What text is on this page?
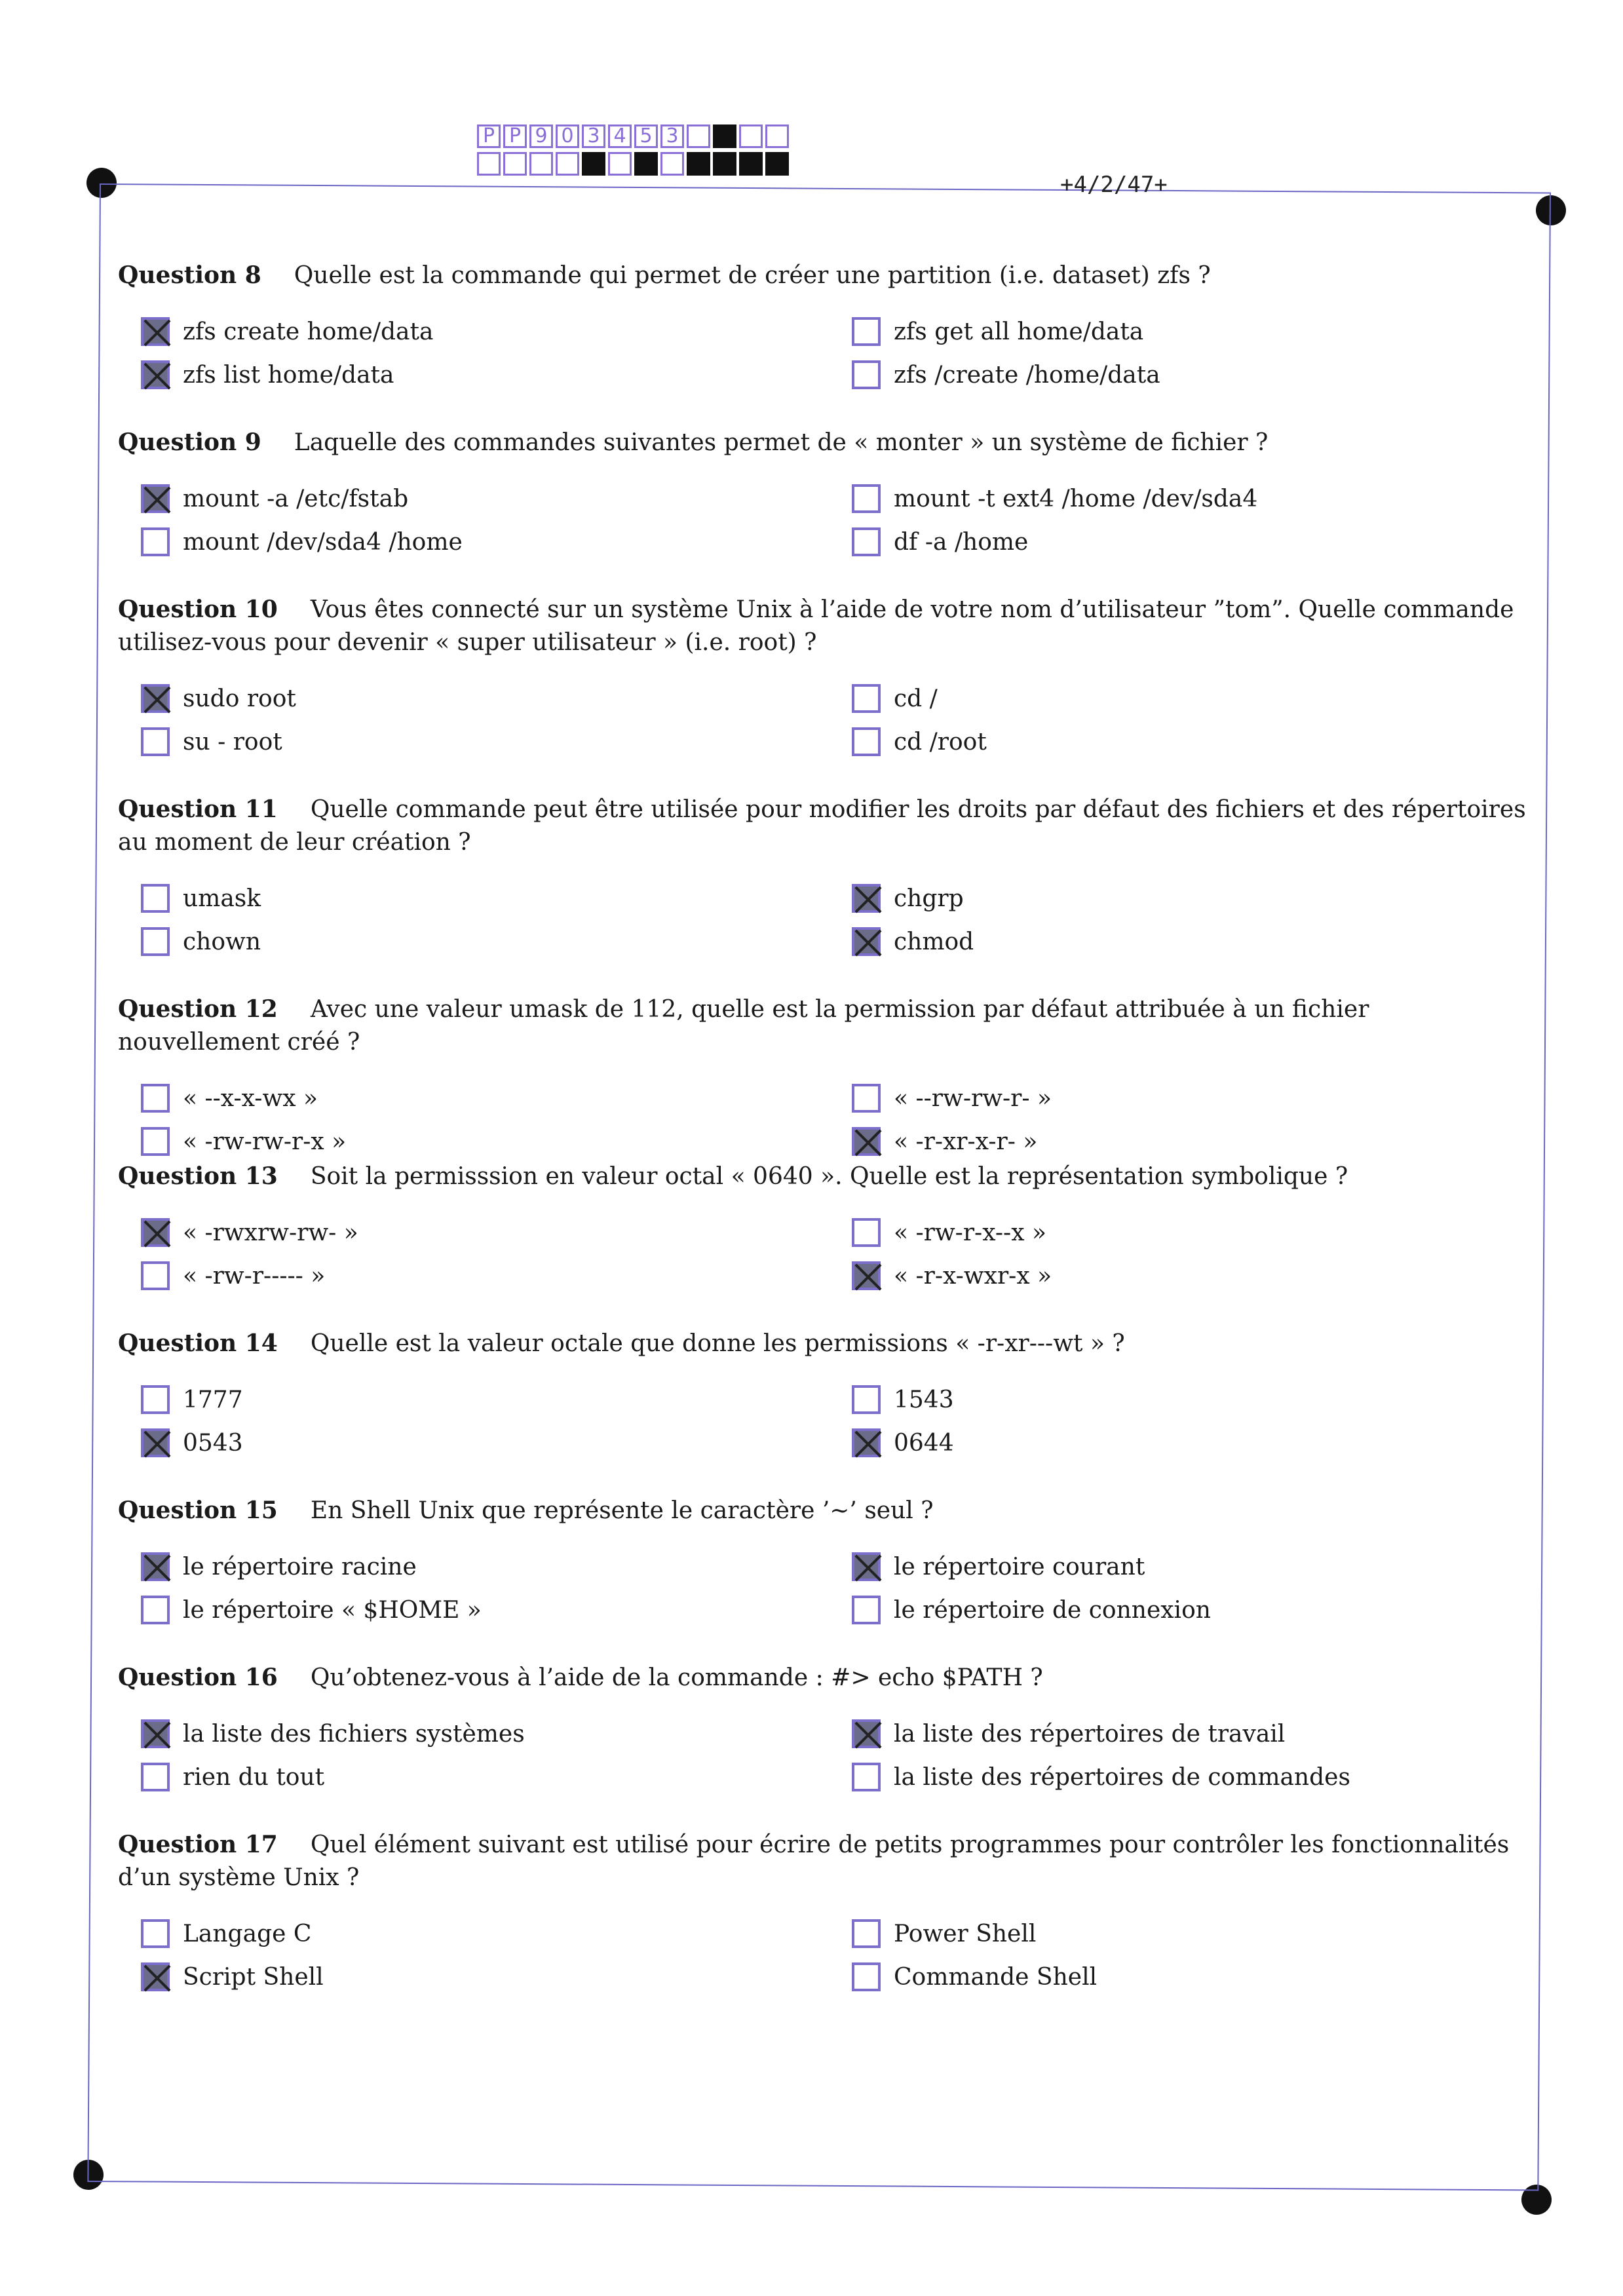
P P 9 0 3 4 5 3
+4/2/47+
Question 8 Quelle est la commande qui permet de créer une partition (i.e. dataset) zfs ?
zfs create home/data
zfs list home/data
zfs get all home/data
zfs /create /home/data
Question 9 Laquelle des commandes suivantes permet de « monter » un système de fichier ?
mount -a /etc/fstab
mount /dev/sda4 /home
mount -t ext4 /home /dev/sda4
df -a /home
Question 10 Vous êtes connecté sur un système Unix à l’aide de votre nom d’utilisateur ”tom”. Quelle commande utilisez-vous pour devenir « super utilisateur » (i.e. root) ?
sudo root
su - root
cd /
cd /root
Question 11 Quelle commande peut être utilisée pour modifier les droits par défaut des fichiers et des répertoires au moment de leur création ?
umask
chown
chgrp
chmod
Question 12 Avec une valeur umask de 112, quelle est la permission par défaut attribuée à un fichier nouvellement créé ?
« --x-x-wx »
« -rw-rw-r-x »
« --rw-rw-r- »
« -r-xr-x-r- »
Question 13 Soit la permisssion en valeur octal « 0640 ». Quelle est la représentation symbolique ?
« -rwxrw-rw- »
« -rw-r----- »
« -rw-r-x--x »
« -r-x-wxr-x »
Question 14 Quelle est la valeur octale que donne les permissions « -r-xr---wt » ?
1777
0543
1543
0644
Question 15 En Shell Unix que représente le caractère ’∼’ seul ?
le répertoire racine
le répertoire « $HOME »
le répertoire courant
le répertoire de connexion
Question 16 Qu’obtenez-vous à l’aide de la commande : #> echo $PATH ?
la liste des fichiers systèmes
rien du tout
la liste des répertoires de travail
la liste des répertoires de commandes
Question 17 Quel élément suivant est utilisé pour écrire de petits programmes pour contrôler les fonctionnalités d’un système Unix ?
Langage C
Script Shell
Power Shell
Commande Shell
